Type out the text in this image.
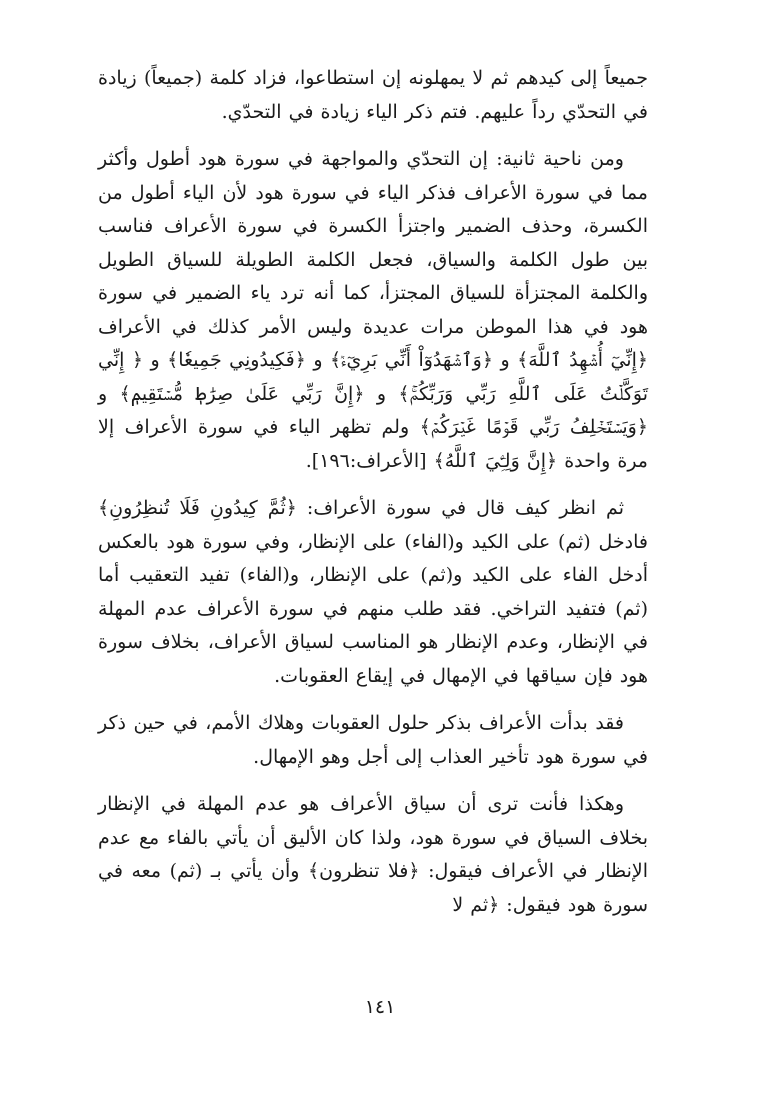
جميعاً إلى كيدهم ثم لا يمهلونه إن استطاعوا، فزاد كلمة (جميعاً) زيادة في التحدّي رداً عليهم. فتم ذكر الياء زيادة في التحدّي.

ومن ناحية ثانية: إن التحدّي والمواجهة في سورة هود أطول وأكثر مما في سورة الأعراف فذكر الياء في سورة هود لأن الياء أطول من الكسرة، وحذف الضمير واجتزأ الكسرة في سورة الأعراف فناسب بين طول الكلمة والسياق، فجعل الكلمة الطويلة للسياق الطويل والكلمة المجتزأة للسياق المجتزأ، كما أنه ترد ياء الضمير في سورة هود في هذا الموطن مرات عديدة وليس الأمر كذلك في الأعراف ﴿إِنِّيٓ أُشۡهِدُ ٱللَّهَ﴾ و ﴿وَٱشۡهَدُوٓاْ أَنِّي بَرِيٓءٞ﴾ و ﴿فَكِيدُونِي جَمِيعٗا﴾ و ﴿ إِنِّي تَوَكَّلۡتُ عَلَى ٱللَّهِ رَبِّي وَرَبِّكُمۚ﴾ و ﴿إِنَّ رَبِّي عَلَىٰ صِرَٰطٖ مُّسۡتَقِيمٖ﴾ و ﴿وَيَسۡتَخۡلِفُ رَبِّي قَوۡمًا غَيۡرَكُمۡ﴾ ولم تظهر الياء في سورة الأعراف إلا مرة واحدة ﴿إِنَّ وَلِـِّۧيَ ٱللَّهُ﴾ [الأعراف:١٩٦].

ثم انظر كيف قال في سورة الأعراف: ﴿ثُمَّ كِيدُونِ فَلَا تُنظِرُونِ﴾ فادخل (ثم) على الكيد و(الفاء) على الإنظار، وفي سورة هود بالعكس أدخل الفاء على الكيد و(ثم) على الإنظار، و(الفاء) تفيد التعقيب أما (ثم) فتفيد التراخي. فقد طلب منهم في سورة الأعراف عدم المهلة في الإنظار، وعدم الإنظار هو المناسب لسياق الأعراف، بخلاف سورة هود فإن سياقها في الإمهال في إيقاع العقوبات.

فقد بدأت الأعراف بذكر حلول العقوبات وهلاك الأمم، في حين ذكر في سورة هود تأخير العذاب إلى أجل وهو الإمهال.

وهكذا فأنت ترى أن سياق الأعراف هو عدم المهلة في الإنظار بخلاف السياق في سورة هود، ولذا كان الأليق أن يأتي بالفاء مع عدم الإنظار في الأعراف فيقول: ﴿فلا تنظرون﴾ وأن يأتي بـ (ثم) معه في سورة هود فيقول: ﴿ثم لا

١٤١
